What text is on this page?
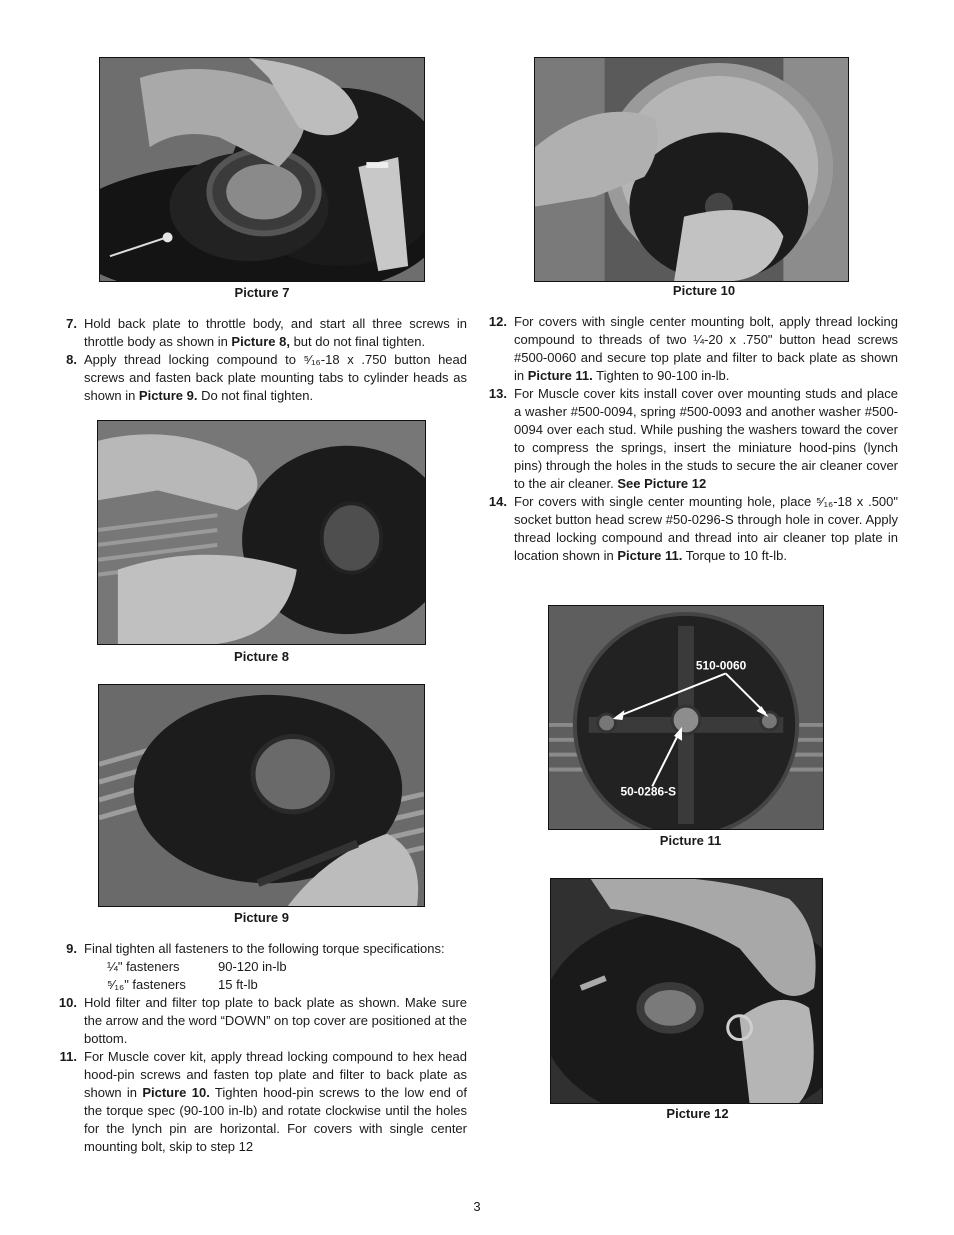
Picture 7	Picture 10
7. Hold back plate to throttle body, and start all three screws in throttle body as shown in Picture 8, but do not final tighten.
8. Apply thread locking compound to ⁵⁄₁₆-18 x .750 button head screws and fasten back plate mounting tabs to cylinder heads as shown in Picture 9. Do not final tighten.
12. For covers with single center mounting bolt, apply thread locking compound to threads of two ¼-20 x .750" button head screws #500-0060 and secure top plate and filter to back plate as shown in Picture 11. Tighten to 90-100 in-lb.
13. For Muscle cover kits install cover over mounting studs and place a washer #500-0094, spring #500-0093 and another washer #500-0094 over each stud. While pushing the washers toward the cover to compress the springs, insert the miniature hood-pins (lynch pins) through the holes in the studs to secure the air cleaner cover to the air cleaner. See Picture 12
14. For covers with single center mounting hole, place ⁵⁄₁₆-18 x .500" socket button head screw #50-0296-S through hole in cover. Apply thread locking compound and thread into air cleaner top plate in location shown in Picture 11. Torque to 10 ft-lb.
Picture 8
510-0060
50-0286-S
Picture 11
Picture 9
9. Final tighten all fasteners to the following torque specifications:
¼" fasteners	90-120 in-lb
⁵⁄₁₆" fasteners	15 ft-lb
10. Hold filter and filter top plate to back plate as shown. Make sure the arrow and the word “DOWN” on top cover are positioned at the bottom.
11. For Muscle cover kit, apply thread locking compound to hex head hood-pin screws and fasten top plate and filter to back plate as shown in Picture 10. Tighten hood-pin screws to the low end of the torque spec (90-100 in-lb) and rotate clockwise until the holes for the lynch pin are horizontal. For covers with single center mounting bolt, skip to step 12
Picture 12
3
